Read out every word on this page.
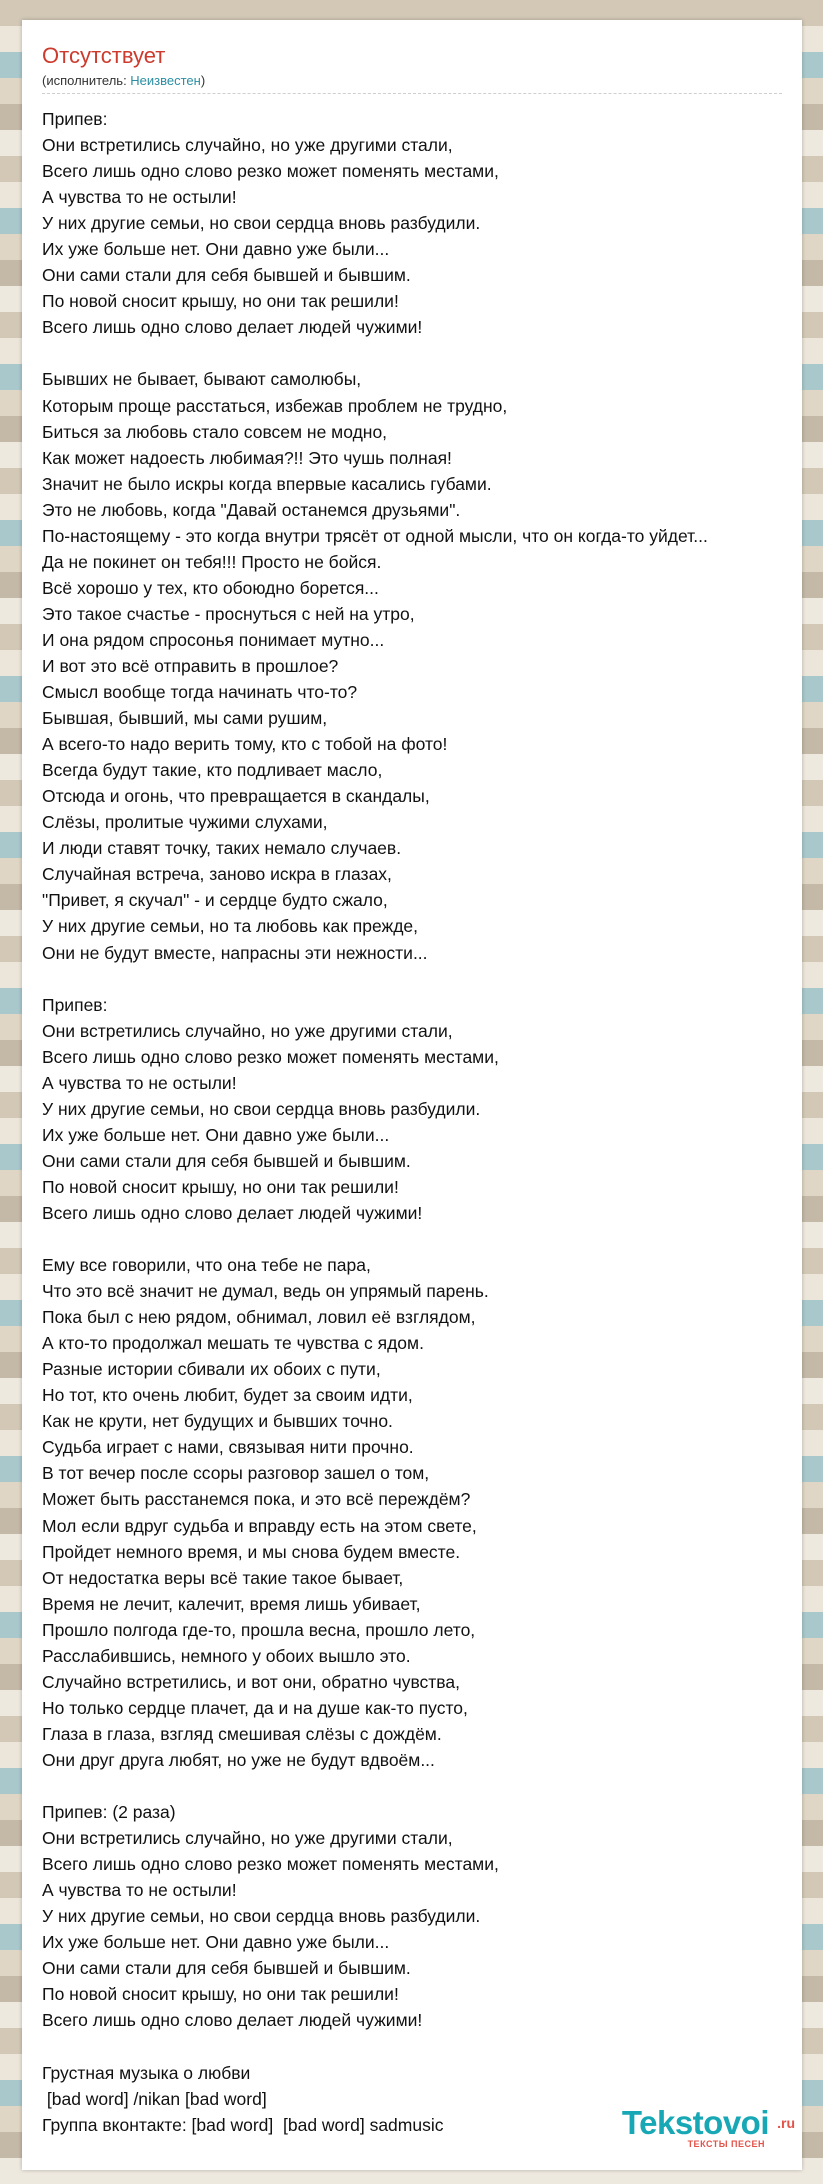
Отсутствует
(исполнитель: Неизвестен)
Припев:
Они встретились случайно, но уже другими стали,
Всего лишь одно слово резко может поменять местами,
А чувства то не остыли!
У них другие семьи, но свои сердца вновь разбудили.
Их уже больше нет. Они давно уже были...
Они сами стали для себя бывшей и бывшим.
По новой сносит крышу, но они так решили!
Всего лишь одно слово делает людей чужими!

Бывших не бывает, бывают самолюбы,
Которым проще расстаться, избежав проблем не трудно,
Биться за любовь стало совсем не модно,
Как может надоесть любимая?!! Это чушь полная!
Значит не было искры когда впервые касались губами.
Это не любовь, когда "Давай останемся друзьями".
По-настоящему - это когда внутри трясёт от одной мысли, что он когда-то уйдет...
Да не покинет он тебя!!! Просто не бойся.
Всё хорошо у тех, кто обоюдно борется...
Это такое счастье - проснуться с ней на утро,
И она рядом спросонья понимает мутно...
И вот это всё отправить в прошлое?
Смысл вообще тогда начинать что-то?
Бывшая, бывший, мы сами рушим,
А всего-то надо верить тому, кто с тобой на фото!
Всегда будут такие, кто подливает масло,
Отсюда и огонь, что превращается в скандалы,
Слёзы, пролитые чужими слухами,
И люди ставят точку, таких немало случаев.
Случайная встреча, заново искра в глазах,
"Привет, я скучал" - и сердце будто сжало,
У них другие семьи, но та любовь как прежде,
Они не будут вместе, напрасны эти нежности...

Припев:
Они встретились случайно, но уже другими стали,
Всего лишь одно слово резко может поменять местами,
А чувства то не остыли!
У них другие семьи, но свои сердца вновь разбудили.
Их уже больше нет. Они давно уже были...
Они сами стали для себя бывшей и бывшим.
По новой сносит крышу, но они так решили!
Всего лишь одно слово делает людей чужими!

Ему все говорили, что она тебе не пара,
Что это всё значит не думал, ведь он упрямый парень.
Пока был с нею рядом, обнимал, ловил её взглядом,
А кто-то продолжал мешать те чувства с ядом.
Разные истории сбивали их обоих с пути,
Но тот, кто очень любит, будет за своим идти,
Как не крути, нет будущих и бывших точно.
Судьба играет с нами, связывая нити прочно.
В тот вечер после ссоры разговор зашел о том,
Может быть расстанемся пока, и это всё переждём?
Мол если вдруг судьба и вправду есть на этом свете,
Пройдет немного время, и мы снова будем вместе.
От недостатка веры всё такие такое бывает,
Время не лечит, калечит, время лишь убивает,
Прошло полгода где-то, прошла весна, прошло лето,
Расслабившись, немного у обоих вышло это.
Случайно встретились, и вот они, обратно чувства,
Но только сердце плачет, да и на душе как-то пусто,
Глаза в глаза, взгляд смешивая слёзы с дождём.
Они друг друга любят, но уже не будут вдвоём...

Припев: (2 раза)
Они встретились случайно, но уже другими стали,
Всего лишь одно слово резко может поменять местами,
А чувства то не остыли!
У них другие семьи, но свои сердца вновь разбудили.
Их уже больше нет. Они давно уже были...
Они сами стали для себя бывшей и бывшим.
По новой сносит крышу, но они так решили!
Всего лишь одно слово делает людей чужими!

Грустная музыка о любви
[bad word] /nikan [bad word]
Группа вконтакте: [bad word]  [bad word] sadmusic	Tekstovoi .ru
ТЕКСТЫ ПЕСЕН
